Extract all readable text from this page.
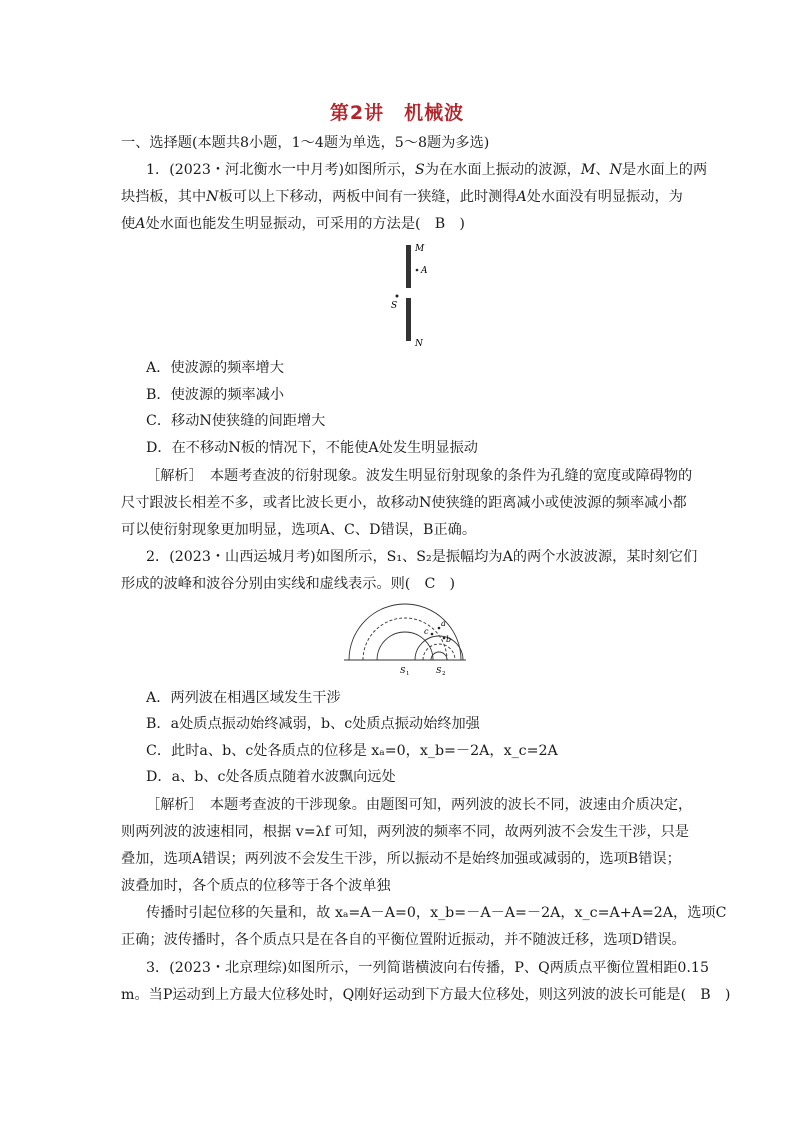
第2讲　机械波
一、选择题(本题共8小题，1～4题为单选，5～8题为多选)
1．(2023・河北衡水一中月考)如图所示，S为在水面上振动的波源，M、N是水面上的两
块挡板，其中N板可以上下移动，两板中间有一狭缝，此时测得A处水面没有明显振动，为
使A处水面也能发生明显振动，可采用的方法是(　B　)
M
A
S
N
A．使波源的频率增大
B．使波源的频率减小
C．移动N使狭缝的间距增大
D．在不移动N板的情况下，不能使A处发生明显振动
［解析］　本题考查波的衍射现象。波发生明显衍射现象的条件为孔缝的宽度或障碍物的
尺寸跟波长相差不多，或者比波长更小，故移动N使狭缝的距离减小或使波源的频率减小都
可以使衍射现象更加明显，选项A、C、D错误，B正确。
2．(2023・山西运城月考)如图所示，S₁、S₂是振幅均为A的两个水波波源，某时刻它们
形成的波峰和波谷分别由实线和虚线表示。则(　C　)
a
c
b
S 1	S 2
A．两列波在相遇区域发生干涉
B．a处质点振动始终减弱，b、c处质点振动始终加强
C．此时a、b、c处各质点的位移是 xₐ=0，x_b=－2A，x_c=2A
D．a、b、c处各质点随着水波飘向远处
［解析］　本题考查波的干涉现象。由题图可知，两列波的波长不同，波速由介质决定，
则两列波的波速相同，根据 v=λf 可知，两列波的频率不同，故两列波不会发生干涉，只是
叠加，选项A错误；两列波不会发生干涉，所以振动不是始终加强或减弱的，选项B错误；
波叠加时，各个质点的位移等于各个波单独
传播时引起位移的矢量和，故 xₐ=A－A=0，x_b=－A－A=－2A，x_c=A+A=2A，选项C
正确；波传播时，各个质点只是在各自的平衡位置附近振动，并不随波迁移，选项D错误。
3．(2023・北京理综)如图所示，一列简谐横波向右传播，P、Q两质点平衡位置相距0.15
m。当P运动到上方最大位移处时，Q刚好运动到下方最大位移处，则这列波的波长可能是(　B　)
